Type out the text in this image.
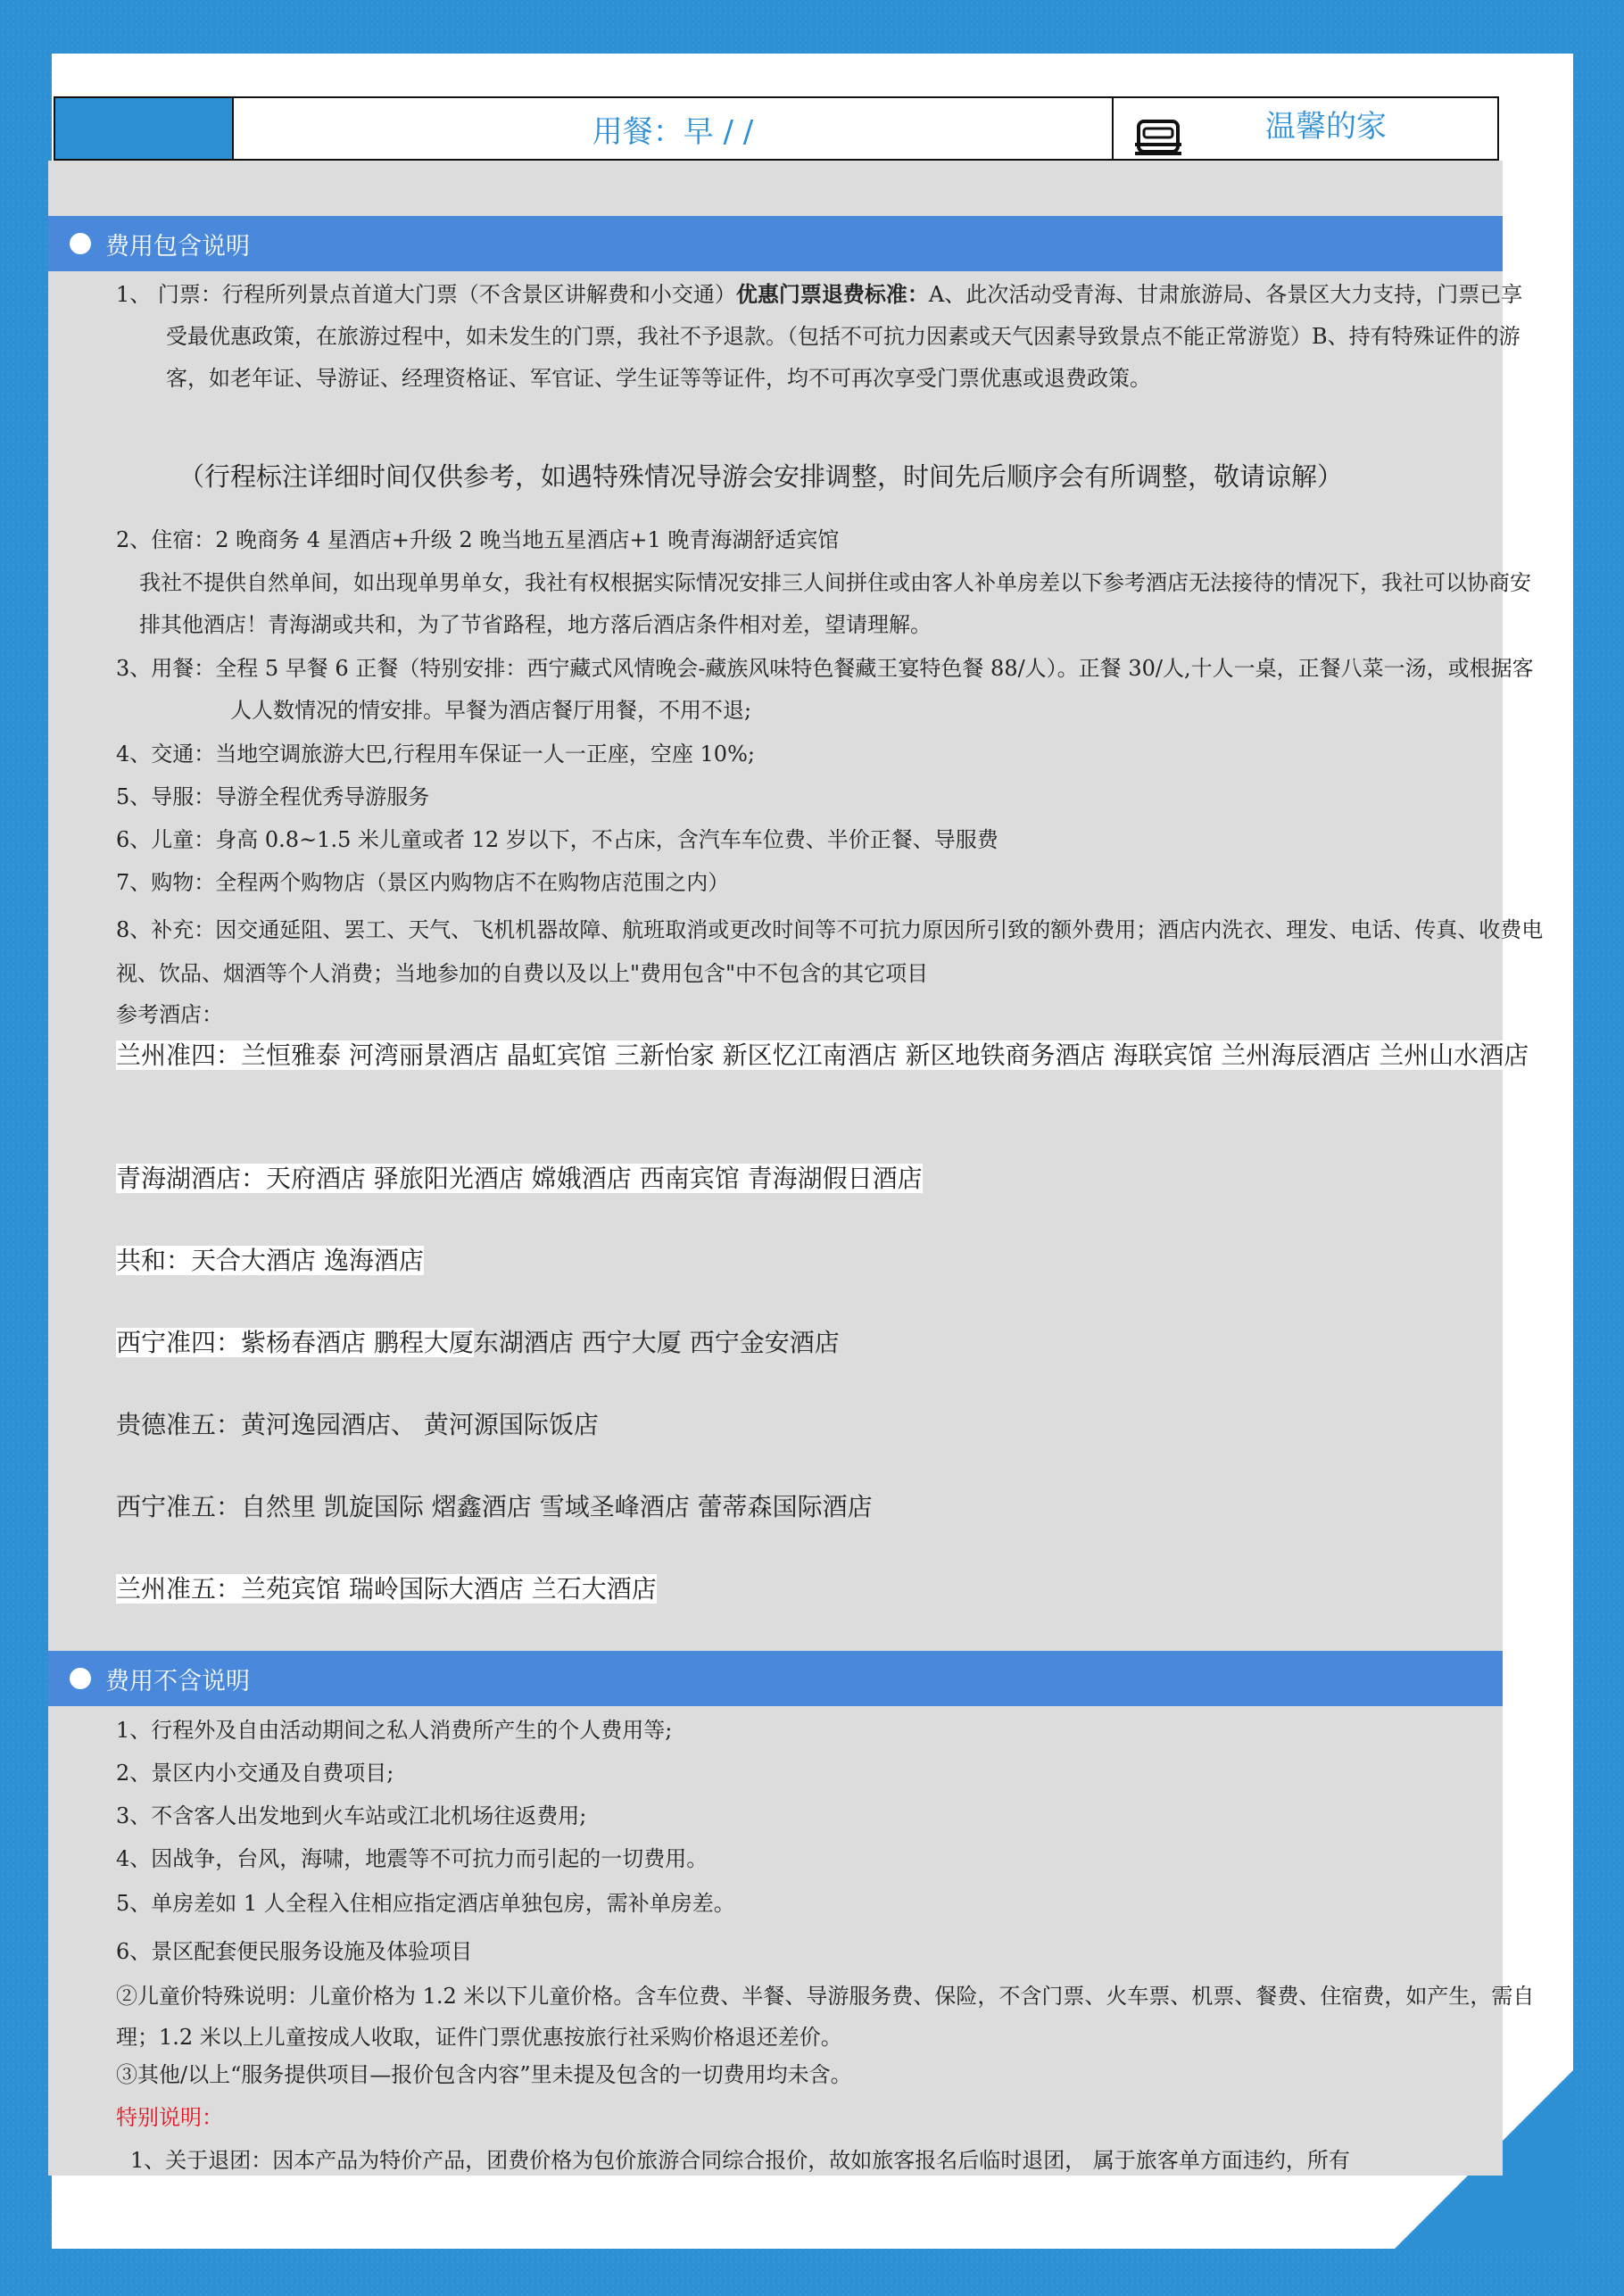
用餐：早 / /	温馨的家
费用包含说明
1、 门票：行程所列景点首道大门票（不含景区讲解费和小交通）优惠门票退费标准：A、此次活动受青海、甘肃旅游局、各景区大力支持，门票已享受最优惠政策，在旅游过程中，如未发生的门票，我社不予退款。（包括不可抗力因素或天气因素导致景点不能正常游览）B、持有特殊证件的游客，如老年证、导游证、经理资格证、军官证、学生证等等证件，均不可再次享受门票优惠或退费政策。
（行程标注详细时间仅供参考，如遇特殊情况导游会安排调整，时间先后顺序会有所调整，敬请谅解）
2、住宿：2 晚商务 4 星酒店+升级 2 晚当地五星酒店+1 晚青海湖舒适宾馆
我社不提供自然单间，如出现单男单女，我社有权根据实际情况安排三人间拼住或由客人补单房差以下参考酒店无法接待的情况下，我社可以协商安排其他酒店！青海湖或共和，为了节省路程，地方落后酒店条件相对差，望请理解。
3、用餐：全程 5 早餐 6 正餐（特别安排：西宁藏式风情晚会-藏族风味特色餐藏王宴特色餐 88/人）。正餐 30/人,十人一桌，正餐八菜一汤，或根据客人人数情况的情安排。早餐为酒店餐厅用餐，不用不退;
4、交通：当地空调旅游大巴,行程用车保证一人一正座，空座 10%;
5、导服：导游全程优秀导游服务
6、儿童：身高 0.8~1.5 米儿童或者 12 岁以下，不占床，含汽车车位费、半价正餐、导服费
7、购物：全程两个购物店（景区内购物店不在购物店范围之内）
8、补充：因交通延阻、罢工、天气、飞机机器故障、航班取消或更改时间等不可抗力原因所引致的额外费用；酒店内洗衣、理发、电话、传真、收费电视、饮品、烟酒等个人消费；当地参加的自费以及以上"费用包含"中不包含的其它项目
参考酒店：
兰州准四：兰恒雅泰 河湾丽景酒店 晶虹宾馆 三新怡家 新区忆江南酒店 新区地铁商务酒店 海联宾馆 兰州海辰酒店 兰州山水酒店
青海湖酒店：天府酒店 驿旅阳光酒店 嫦娥酒店 西南宾馆 青海湖假日酒店
共和：天合大酒店 逸海酒店
西宁准四：紫杨春酒店 鹏程大厦东湖酒店 西宁大厦 西宁金安酒店
贵德准五：黄河逸园酒店、 黄河源国际饭店
西宁准五：自然里 凯旋国际 熠鑫酒店 雪域圣峰酒店 蕾蒂森国际酒店
兰州准五：兰苑宾馆 瑞岭国际大酒店 兰石大酒店
费用不含说明
1、行程外及自由活动期间之私人消费所产生的个人费用等;
2、景区内小交通及自费项目;
3、不含客人出发地到火车站或江北机场往返费用;
4、因战争，台风，海啸，地震等不可抗力而引起的一切费用。
5、单房差如 1 人全程入住相应指定酒店单独包房，需补单房差。
6、景区配套便民服务设施及体验项目
②儿童价特殊说明：儿童价格为 1.2 米以下儿童价格。含车位费、半餐、导游服务费、保险，不含门票、火车票、机票、餐费、住宿费，如产生，需自理；1.2 米以上儿童按成人收取，证件门票优惠按旅行社采购价格退还差价。
③其他/以上“服务提供项目—报价包含内容”里未提及包含的一切费用均未含。
特别说明：
1、关于退团：因本产品为特价产品，团费价格为包价旅游合同综合报价，故如旅客报名后临时退团， 属于旅客单方面违约，所有
